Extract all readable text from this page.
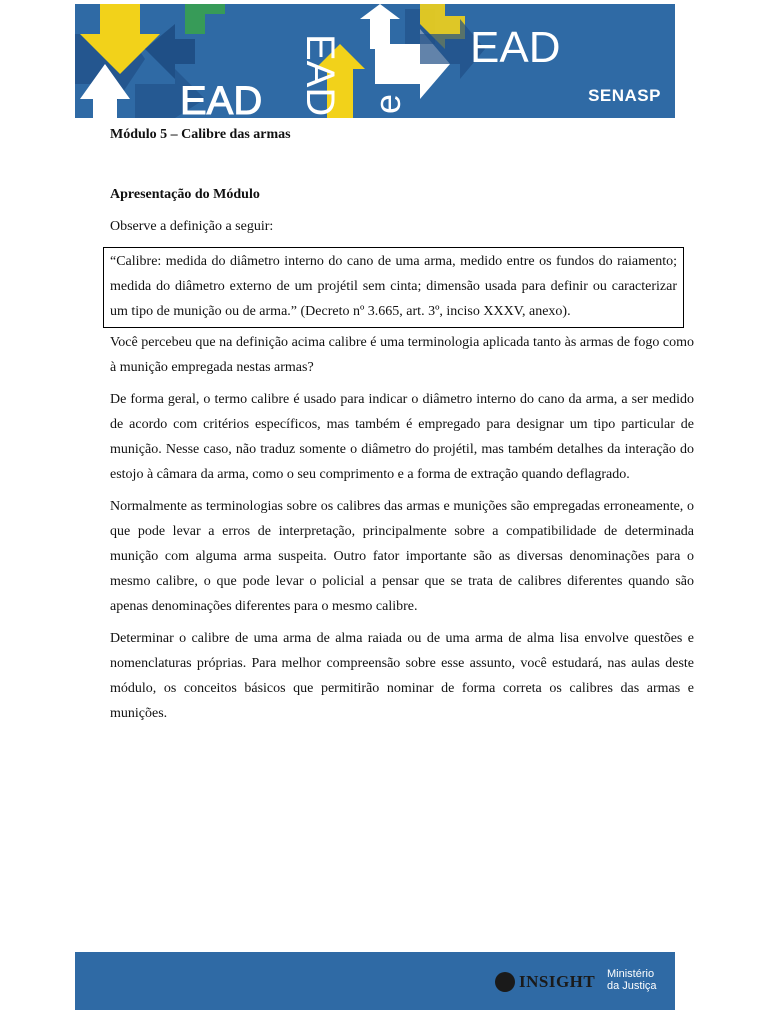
EAD EAD e
EAD
SENASP
Módulo 5 – Calibre das armas
Apresentação do Módulo
Observe a definição a seguir:
“Calibre: medida do diâmetro interno do cano de uma arma, medido entre os fundos do raiamento; medida do diâmetro externo de um projétil sem cinta; dimensão usada para definir ou caracterizar um tipo de munição ou de arma.” (Decreto nº 3.665, art. 3º, inciso XXXV, anexo).

Você percebeu que na definição acima calibre é uma terminologia aplicada tanto às armas de fogo como à munição empregada nestas armas?

De forma geral, o termo calibre é usado para indicar o diâmetro interno do cano da arma, a ser medido de acordo com critérios específicos, mas também é empregado para designar um tipo particular de munição. Nesse caso, não traduz somente o diâmetro do projétil, mas também detalhes da interação do estojo à câmara da arma, como o seu comprimento e a forma de extração quando deflagrado.

Normalmente as terminologias sobre os calibres das armas e munições são empregadas erroneamente, o que pode levar a erros de interpretação, principalmente sobre a compatibilidade de determinada munição com alguma arma suspeita. Outro fator importante são as diversas denominações para o mesmo calibre, o que pode levar o policial a pensar que se trata de calibres diferentes quando são apenas denominações diferentes para o mesmo calibre.

Determinar o calibre de uma arma de alma raiada ou de uma arma de alma lisa envolve questões e nomenclaturas próprias. Para melhor compreensão sobre esse assunto, você estudará, nas aulas deste módulo, os conceitos básicos que permitirão nominar de forma correta os calibres das armas e munições.

INSIGHT Ministério
da Justiça
